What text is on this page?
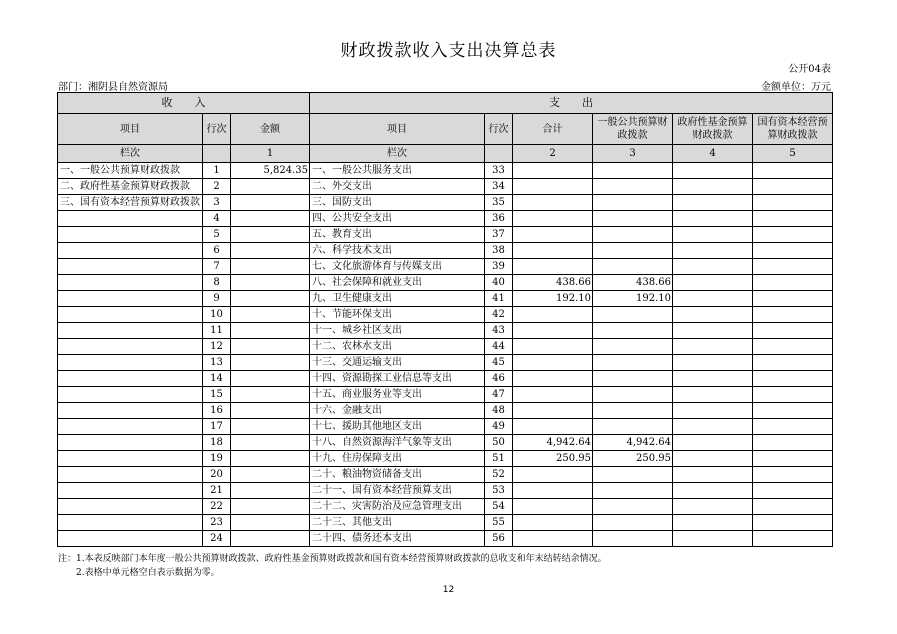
财政拨款收入支出决算总表
公开04表
部门：湘阴县自然资源局	金额单位：万元
收　　入			支　　出					
项目	行次	金额	项目	行次	合计	一般公共预算财政拨款	政府性基金预算财政拨款	国有资本经营预算财政拨款
栏次		1	栏次		2	3	4	5
一、一般公共预算财政拨款	1	5,824.35	一、一般公共服务支出	33				
二、政府性基金预算财政拨款	2		二、外交支出	34				
三、国有资本经营预算财政拨款	3		三、国防支出	35				
	4		四、公共安全支出	36				
	5		五、教育支出	37				
	6		六、科学技术支出	38				
	7		七、文化旅游体育与传媒支出	39				
	8		八、社会保障和就业支出	40	438.66	438.66		
	9		九、卫生健康支出	41	192.10	192.10		
	10		十、节能环保支出	42				
	11		十一、城乡社区支出	43				
	12		十二、农林水支出	44				
	13		十三、交通运输支出	45				
	14		十四、资源勘探工业信息等支出	46				
	15		十五、商业服务业等支出	47				
	16		十六、金融支出	48				
	17		十七、援助其他地区支出	49				
	18		十八、自然资源海洋气象等支出	50	4,942.64	4,942.64		
	19		十九、住房保障支出	51	250.95	250.95		
	20		二十、粮油物资储备支出	52				
	21		二十一、国有资本经营预算支出	53				
	22		二十二、灾害防治及应急管理支出	54				
	23		二十三、其他支出	55				
	24		二十四、债务还本支出	56				
注：1.本表反映部门本年度一般公共预算财政拨款、政府性基金预算财政拨款和国有资本经营预算财政拨款的总收支和年末结转结余情况。
2.表格中单元格空白表示数据为零。
12
